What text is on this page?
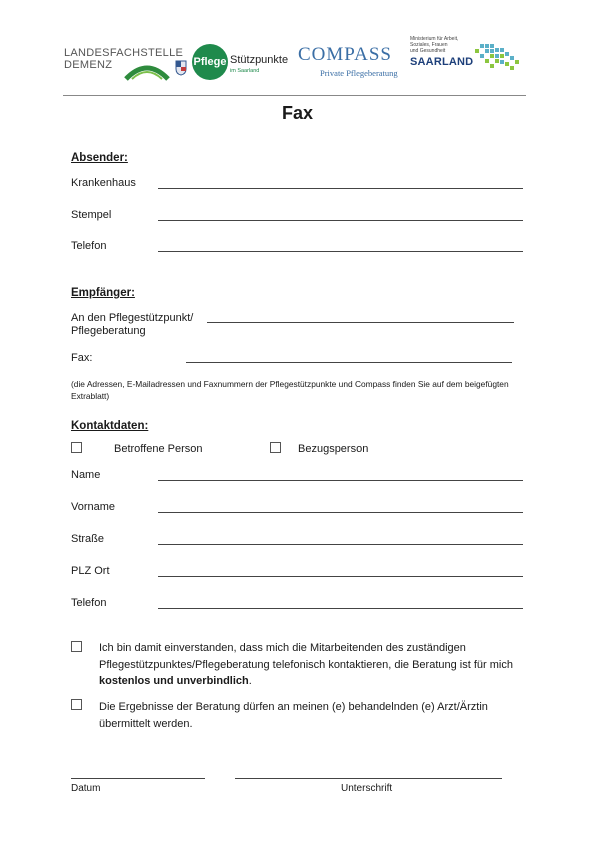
LANDESFACHSTELLE
DEMENZ	Pflege Stützpunkte
im Saarland
COMPASS
Private Pflegeberatung
Ministerium für Arbeit,
Soziales, Frauen
und Gesundheit
SAARLAND
Fax
Absender:
Krankenhaus
Stempel
Telefon
Empfänger:
An den Pflegestützpunkt/
Pflegeberatung
Fax:
(die Adressen, E-Mailadressen und Faxnummern der Pflegestützpunkte und Compass finden Sie auf dem beigefügten Extrablatt)
Kontaktdaten:
Betroffene Person	Bezugsperson
Name
Vorname
Straße
PLZ Ort
Telefon
Ich bin damit einverstanden, dass mich die Mitarbeitenden des zuständigen Pflegestützpunktes/Pflegeberatung telefonisch kontaktieren, die Beratung ist für mich kostenlos und unverbindlich.
Die Ergebnisse der Beratung dürfen an meinen (e) behandelnden (e) Arzt/Ärztin übermittelt werden.
Datum	Unterschrift
